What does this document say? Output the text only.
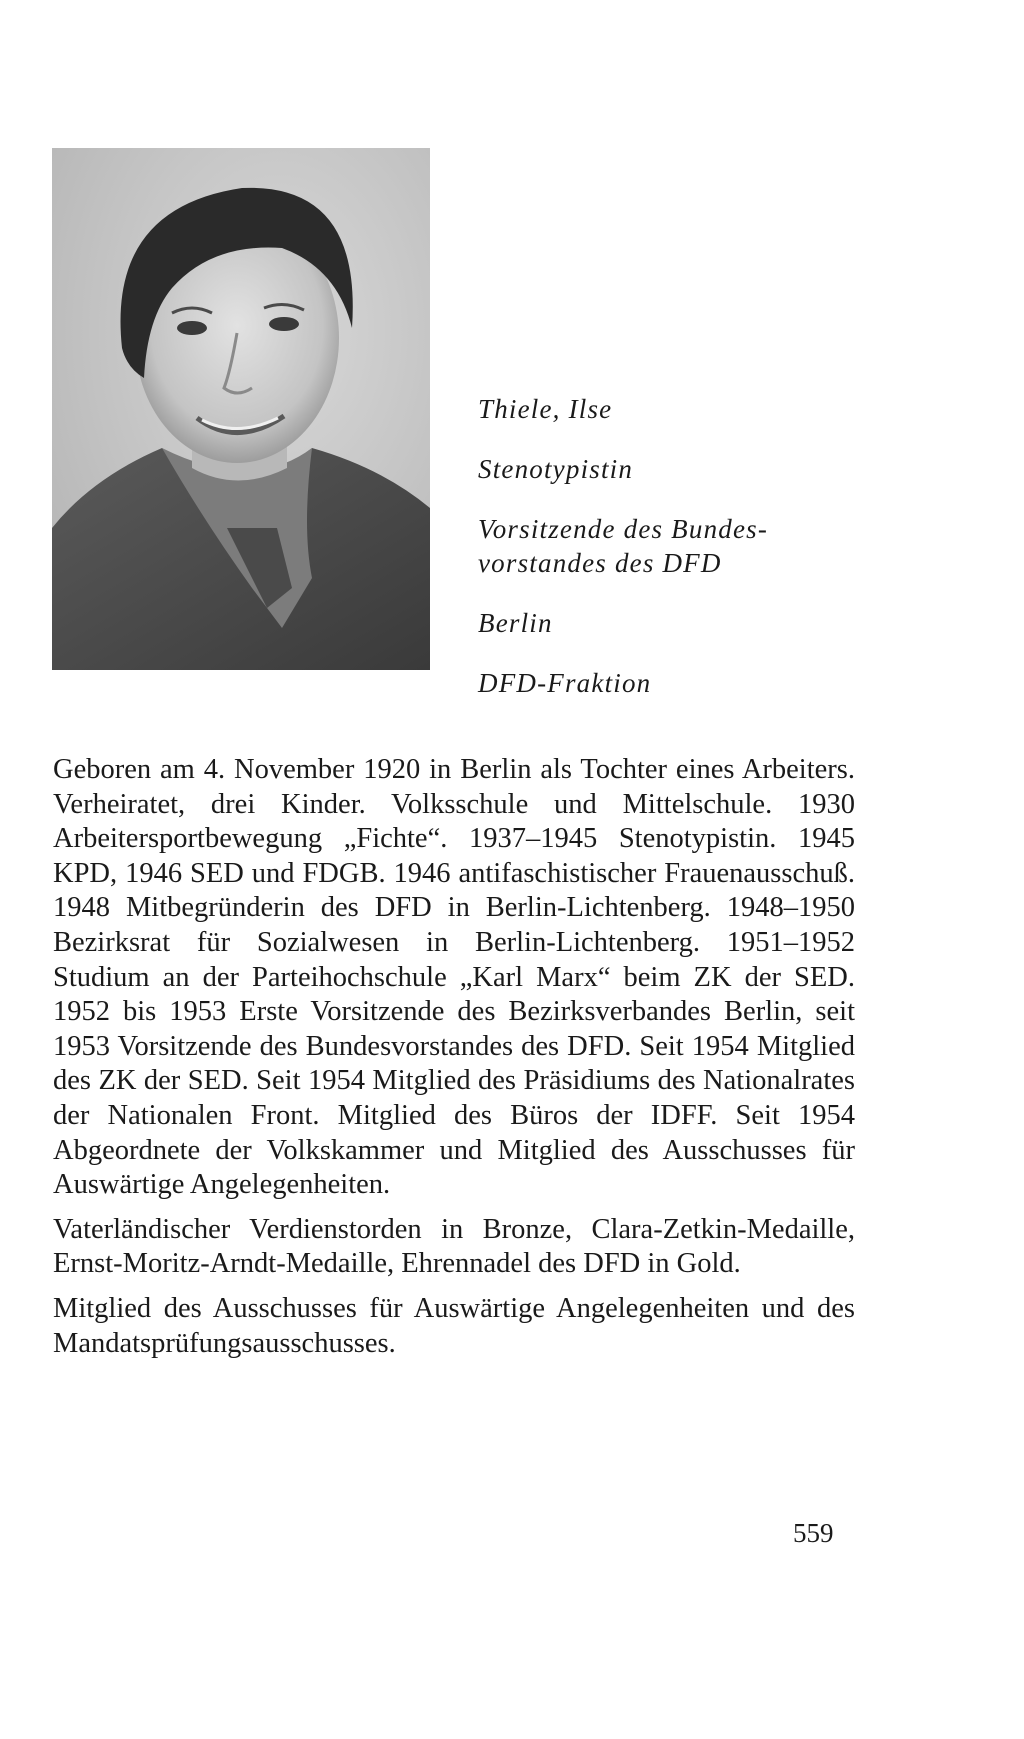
Thiele, Ilse
Stenotypistin
Vorsitzende des Bundes-
vorstandes des DFD
Berlin
DFD-Fraktion

Geboren am 4. November 1920 in Berlin als Tochter eines Arbeiters. Verheiratet, drei Kinder. Volksschule und Mittelschule. 1930 Arbeitersportbewegung „Fichte“. 1937–1945 Stenotypistin. 1945 KPD, 1946 SED und FDGB. 1946 antifaschistischer Frauenausschuß. 1948 Mitbegründerin des DFD in Berlin-Lichtenberg. 1948–1950 Bezirksrat für Sozialwesen in Berlin-Lichtenberg. 1951–1952 Studium an der Parteihochschule „Karl Marx“ beim ZK der SED. 1952 bis 1953 Erste Vorsitzende des Bezirksverbandes Berlin, seit 1953 Vorsitzende des Bundesvorstandes des DFD. Seit 1954 Mitglied des ZK der SED. Seit 1954 Mitglied des Präsidiums des Nationalrates der Nationalen Front. Mitglied des Büros der IDFF. Seit 1954 Abgeordnete der Volkskammer und Mitglied des Ausschusses für Auswärtige Angelegenheiten.

Vaterländischer Verdienstorden in Bronze, Clara-Zetkin-Medaille, Ernst-Moritz-Arndt-Medaille, Ehrennadel des DFD in Gold.

Mitglied des Ausschusses für Auswärtige Angelegenheiten und des Mandatsprüfungsausschusses.

559
